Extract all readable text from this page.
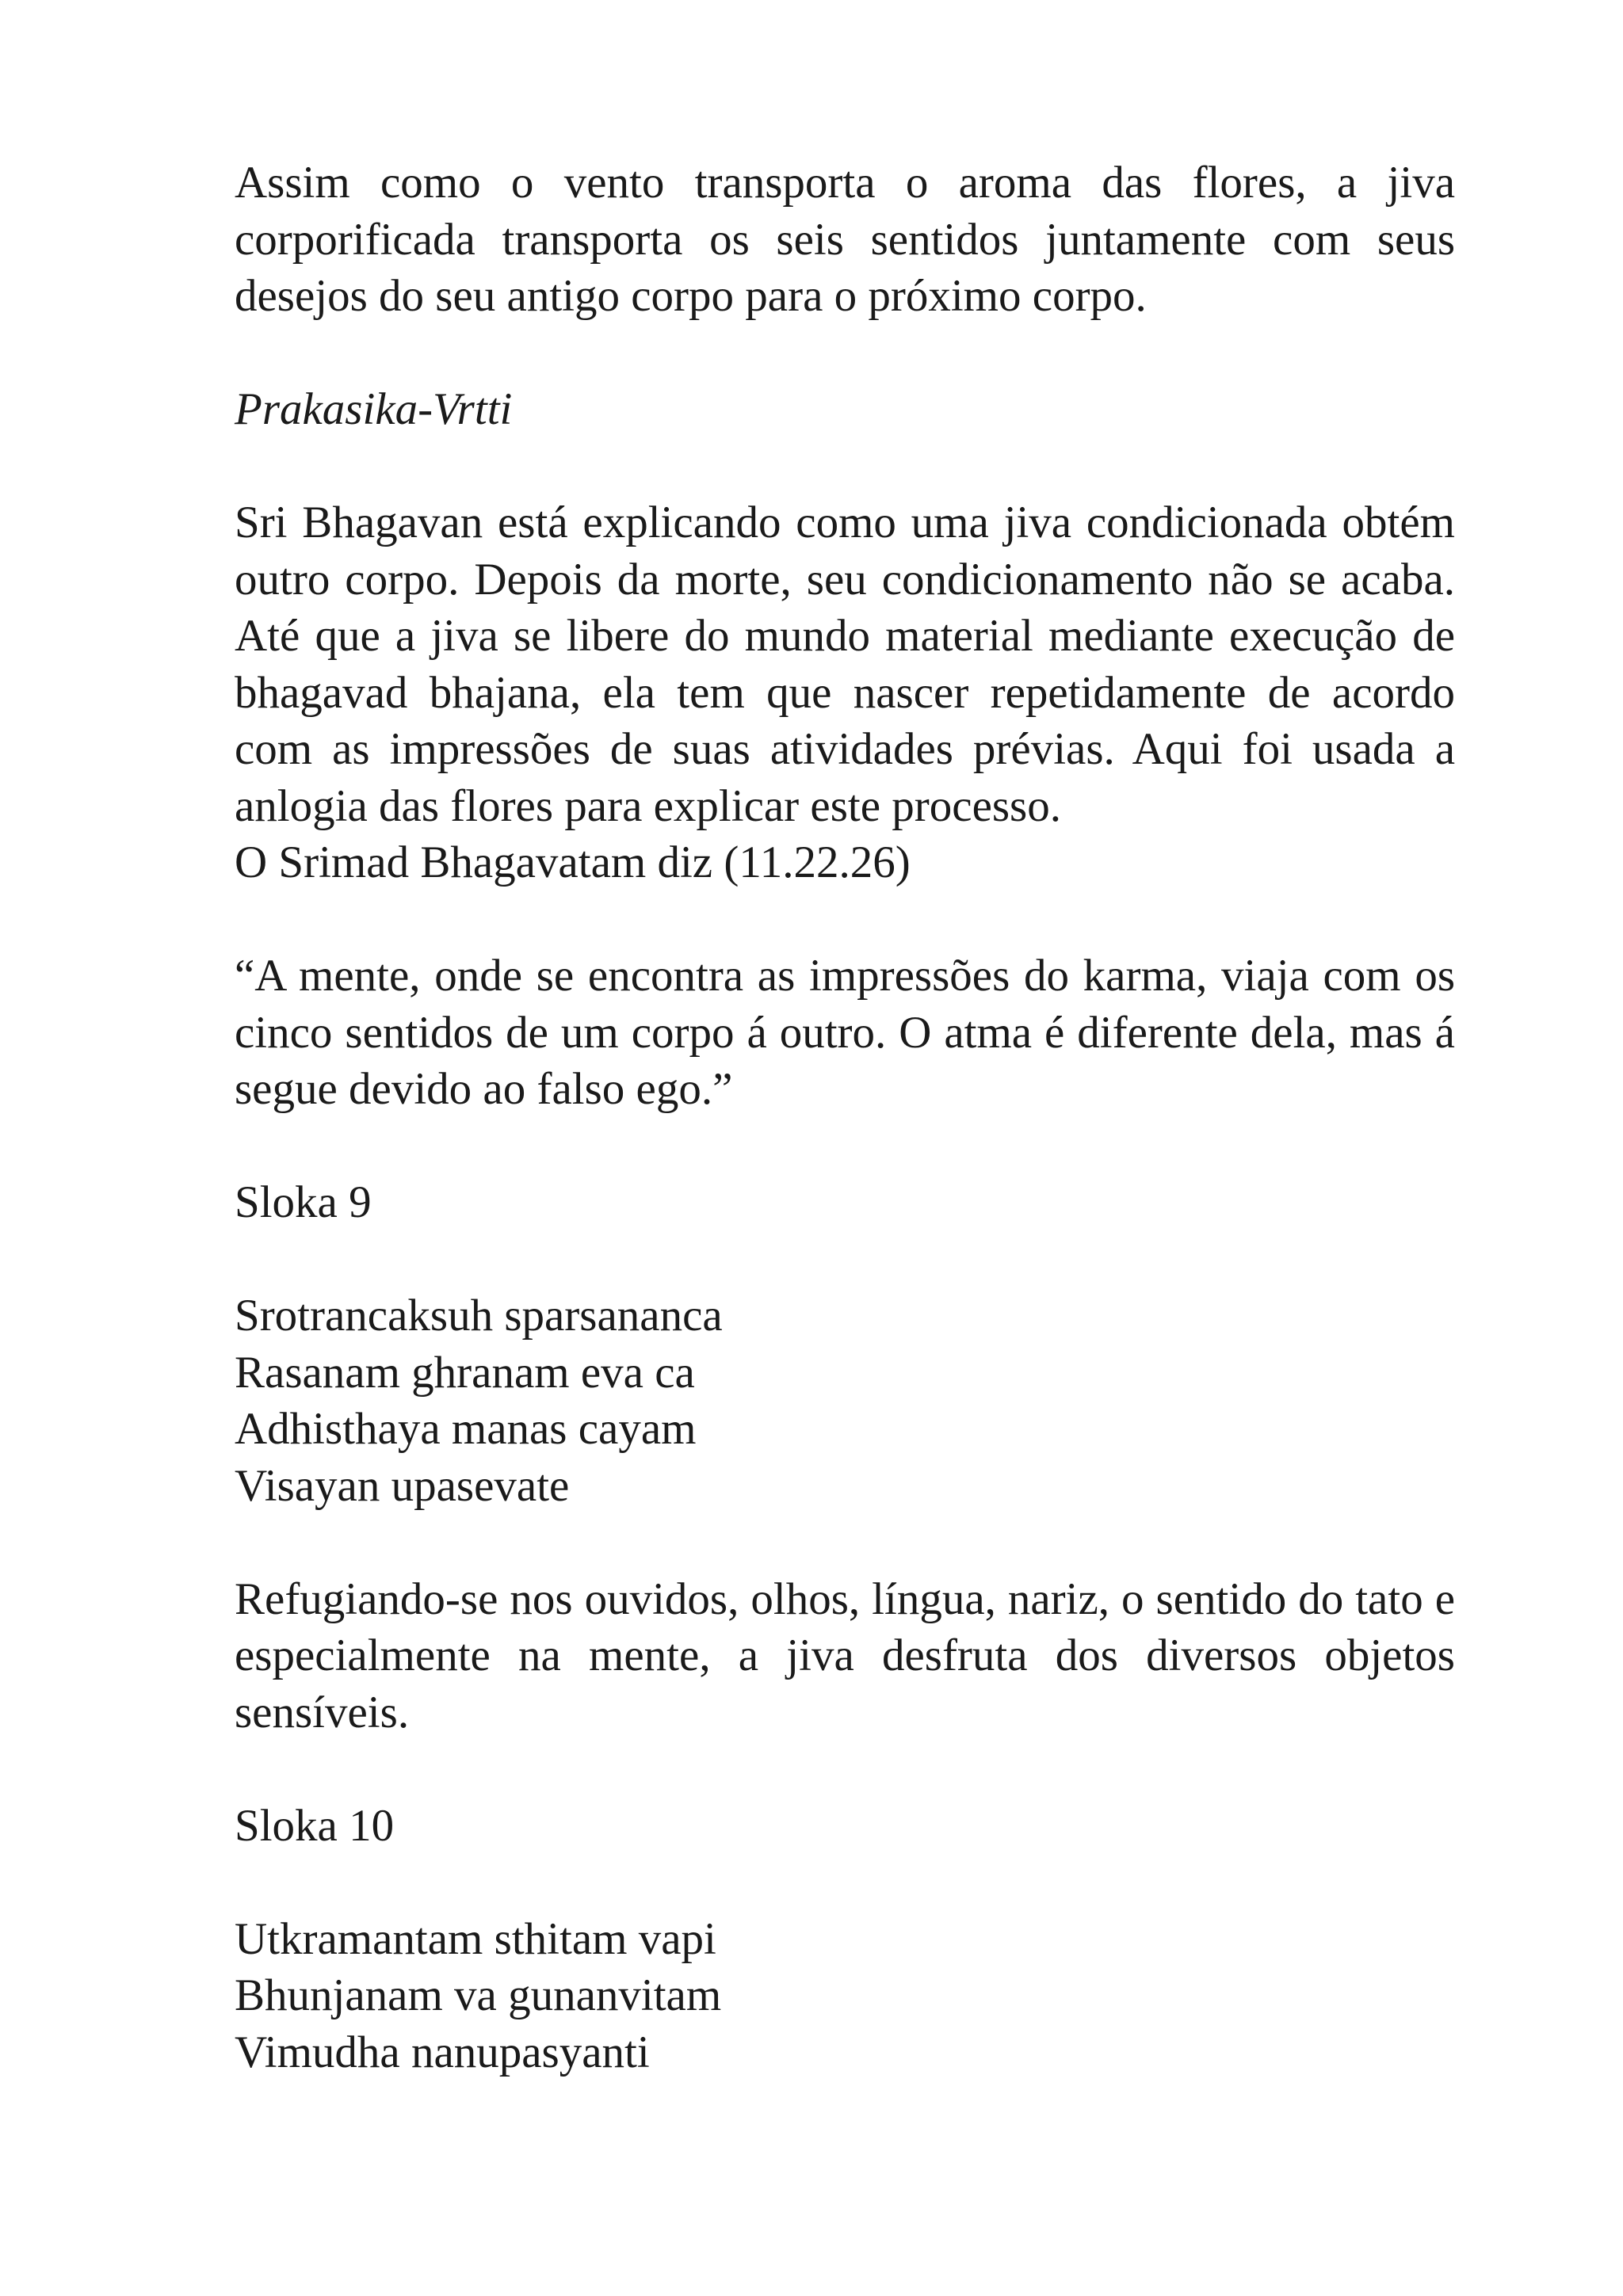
Assim como o vento transporta o aroma das flores, a jiva corporificada transporta os seis sentidos juntamente com seus desejos do seu antigo corpo para o próximo corpo.

Prakasika-Vrtti

Sri Bhagavan está explicando como uma jiva condicionada obtém outro corpo. Depois da morte, seu condicionamento não se acaba. Até que a jiva se libere do mundo material mediante execução de bhagavad bhajana, ela tem que nascer repetidamente de acordo com as impressões de suas atividades prévias. Aqui foi usada a anlogia das flores para explicar este processo.

O Srimad Bhagavatam diz (11.22.26)

“A mente, onde se encontra as impressões do karma, viaja com os cinco sentidos de um corpo á outro. O atma é diferente dela, mas á segue devido ao falso ego.”

Sloka 9

Srotrancaksuh sparsananca
Rasanam ghranam eva ca
Adhisthaya manas cayam
Visayan upasevate

Refugiando-se nos ouvidos, olhos, língua, nariz, o sentido do tato e especialmente na mente, a jiva desfruta dos diversos objetos sensíveis.

Sloka 10

Utkramantam sthitam vapi
Bhunjanam va gunanvitam
Vimudha nanupasyanti
